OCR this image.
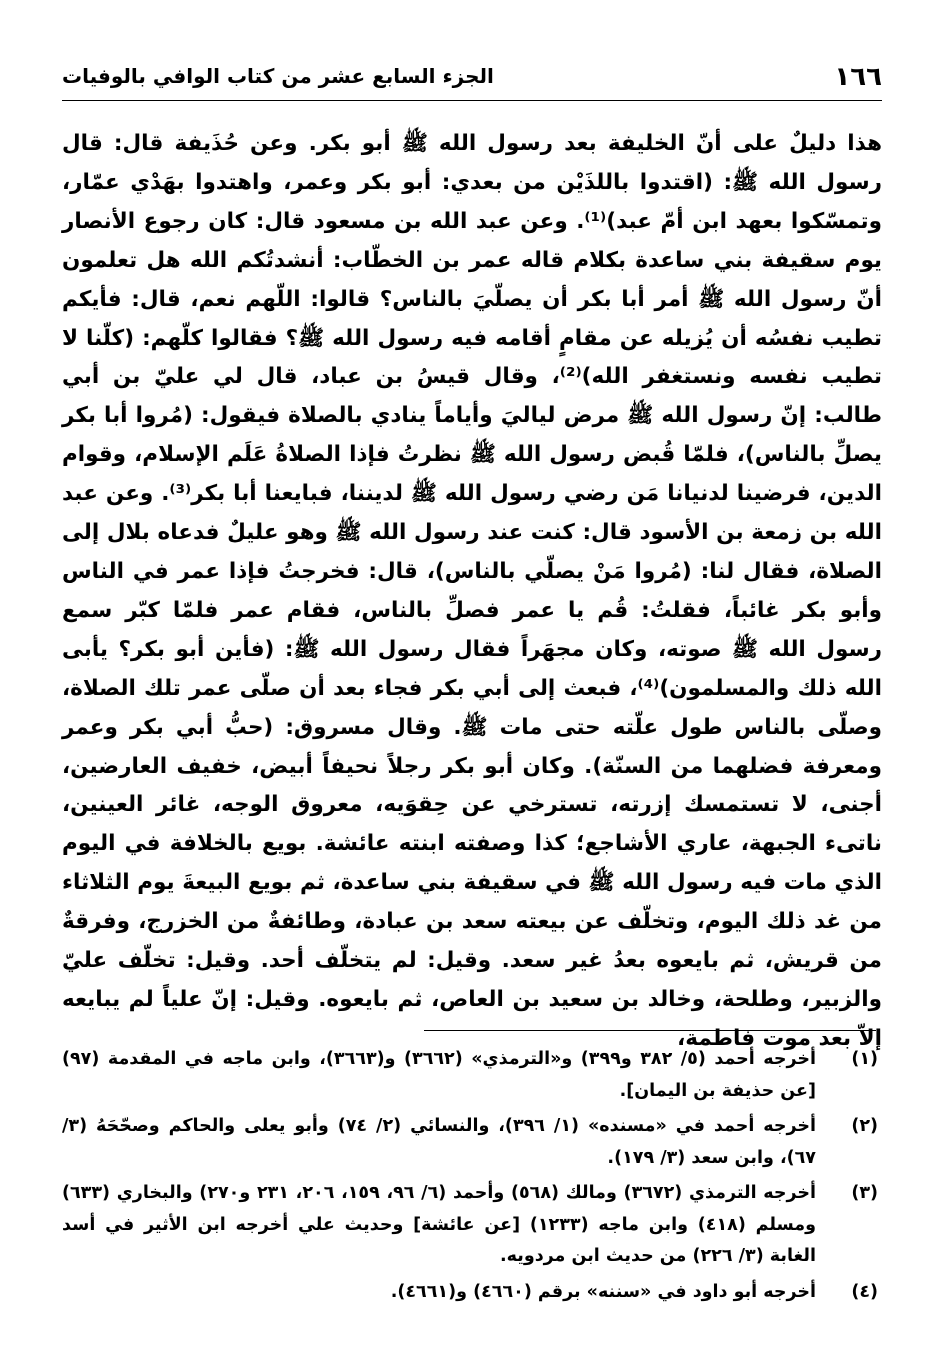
١٦٦
الجزء السابع عشر من كتاب الوافي بالوفيات

هذا دليلٌ على أنّ الخليفة بعد رسول الله ﷺ أبو بكر. وعن حُذَيفة قال: قال رسول الله ﷺ: (اقتدوا باللذَيْن من بعدي: أبو بكر وعمر، واهتدوا بهَدْي عمّار، وتمسّكوا بعهد ابن أمّ عبد)⁽¹⁾. وعن عبد الله بن مسعود قال: كان رجوع الأنصار يوم سقيفة بني ساعدة بكلام قاله عمر بن الخطّاب: أنشدتُكم الله هل تعلمون أنّ رسول الله ﷺ أمر أبا بكر أن يصلّيَ بالناس؟ قالوا: اللّهم نعم، قال: فأيكم تطيب نفسُه أن يُزيله عن مقامٍ أقامه فيه رسول الله ﷺ؟ فقالوا كلّهم: (كلّنا لا تطيب نفسه ونستغفر الله)⁽²⁾، وقال قيسُ بن عباد، قال لي عليّ بن أبي طالب: إنّ رسول الله ﷺ مرض لياليَ وأياماً ينادي بالصلاة فيقول: (مُروا أبا بكر يصلِّ بالناس)، فلمّا قُبض رسول الله ﷺ نظرتُ فإذا الصلاةُ عَلَم الإسلام، وقوام الدين، فرضينا لدنيانا مَن رضي رسول الله ﷺ لديننا، فبايعنا أبا بكر⁽³⁾. وعن عبد الله بن زمعة بن الأسود قال: كنت عند رسول الله ﷺ وهو عليلٌ فدعاه بلال إلى الصلاة، فقال لنا: (مُروا مَنْ يصلّي بالناس)، قال: فخرجتُ فإذا عمر في الناس وأبو بكر غائباً، فقلتُ: قُم يا عمر فصلِّ بالناس، فقام عمر فلمّا كبّر سمع رسول الله ﷺ صوته، وكان مجهَراً فقال رسول الله ﷺ: (فأين أبو بكر؟ يأبى الله ذلك والمسلمون)⁽⁴⁾، فبعث إلى أبي بكر فجاء بعد أن صلّى عمر تلك الصلاة، وصلّى بالناس طول علّته حتى مات ﷺ. وقال مسروق: (حبُّ أبي بكر وعمر ومعرفة فضلهما من السنّة). وكان أبو بكر رجلاً نحيفاً أبيض، خفيف العارضين، أجنى، لا تستمسك إزرته، تسترخي عن حِقوَيه، معروق الوجه، غائر العينين، ناتىء الجبهة، عاري الأشاجع؛ كذا وصفته ابنته عائشة. بويع بالخلافة في اليوم الذي مات فيه رسول الله ﷺ في سقيفة بني ساعدة، ثم بويع البيعةَ يوم الثلاثاء من غد ذلك اليوم، وتخلّف عن بيعته سعد بن عبادة، وطائفةٌ من الخزرج، وفرقةٌ من قريش، ثم بايعوه بعدُ غير سعد. وقيل: لم يتخلّف أحد. وقيل: تخلّف عليّ والزبير، وطلحة، وخالد بن سعيد بن العاص، ثم بايعوه. وقيل: إنّ علياً لم يبايعه إلاّ بعد موت فاطمة،

(١)
أخرجه أحمد (٥/ ٣٨٢ و٣٩٩) و«الترمذي» (٣٦٦٢) و(٣٦٦٣)، وابن ماجه في المقدمة (٩٧) [عن حذيفة بن اليمان].
(٢)
أخرجه أحمد في «مسنده» (١/ ٣٩٦)، والنسائي (٢/ ٧٤) وأبو يعلى والحاكم وصحّحَهُ (٣/ ٦٧)، وابن سعد (٣/ ١٧٩).
(٣)
أخرجه الترمذي (٣٦٧٢) ومالك (٥٦٨) وأحمد (٦/ ٩٦، ١٥٩، ٢٠٦، ٢٣١ و٢٧٠) والبخاري (٦٣٣) ومسلم (٤١٨) وابن ماجه (١٢٣٣) [عن عائشة] وحديث علي أخرجه ابن الأثير في أسد الغابة (٣/ ٢٢٦) من حديث ابن مردويه.
(٤)
أخرجه أبو داود في «سننه» برقم (٤٦٦٠) و(٤٦٦١).
